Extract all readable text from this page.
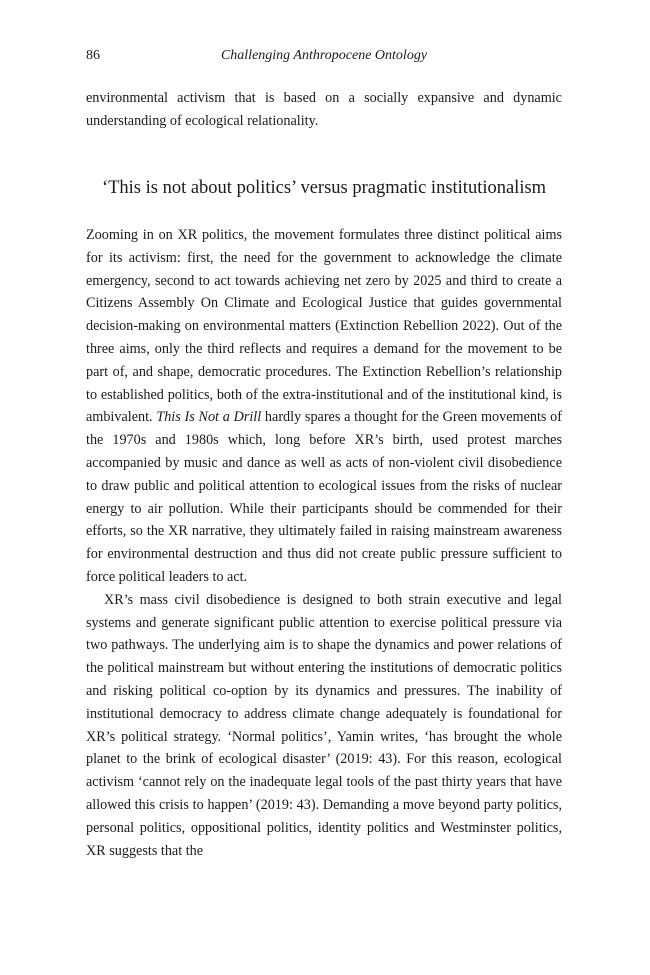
86	Challenging Anthropocene Ontology

environmental activism that is based on a socially expansive and dynamic understanding of ecological relationality.

‘This is not about politics’ versus pragmatic institutionalism

Zooming in on XR politics, the movement formulates three distinct political aims for its activism: first, the need for the government to acknowledge the climate emergency, second to act towards achieving net zero by 2025 and third to create a Citizens Assembly On Climate and Ecological Justice that guides governmental decision-making on environmental matters (Extinction Rebellion 2022). Out of the three aims, only the third reflects and requires a demand for the movement to be part of, and shape, democratic procedures. The Extinction Rebellion’s relationship to established politics, both of the extra-institutional and of the institutional kind, is ambivalent. This Is Not a Drill hardly spares a thought for the Green movements of the 1970s and 1980s which, long before XR’s birth, used protest marches accompanied by music and dance as well as acts of non-violent civil disobedience to draw public and political attention to ecological issues from the risks of nuclear energy to air pollution. While their participants should be commended for their efforts, so the XR narrative, they ultimately failed in raising mainstream awareness for environmental destruction and thus did not create public pressure sufficient to force political leaders to act.

XR’s mass civil disobedience is designed to both strain executive and legal systems and generate significant public attention to exercise political pressure via two pathways. The underlying aim is to shape the dynamics and power relations of the political mainstream but without entering the institutions of democratic politics and risking political co-option by its dynamics and pressures. The inability of institutional democracy to address climate change adequately is foundational for XR’s political strategy. ‘Normal politics’, Yamin writes, ‘has brought the whole planet to the brink of ecological disaster’ (2019: 43). For this reason, ecological activism ‘cannot rely on the inadequate legal tools of the past thirty years that have allowed this crisis to happen’ (2019: 43). Demanding a move beyond party politics, personal politics, oppositional politics, identity politics and Westminster politics, XR suggests that the
